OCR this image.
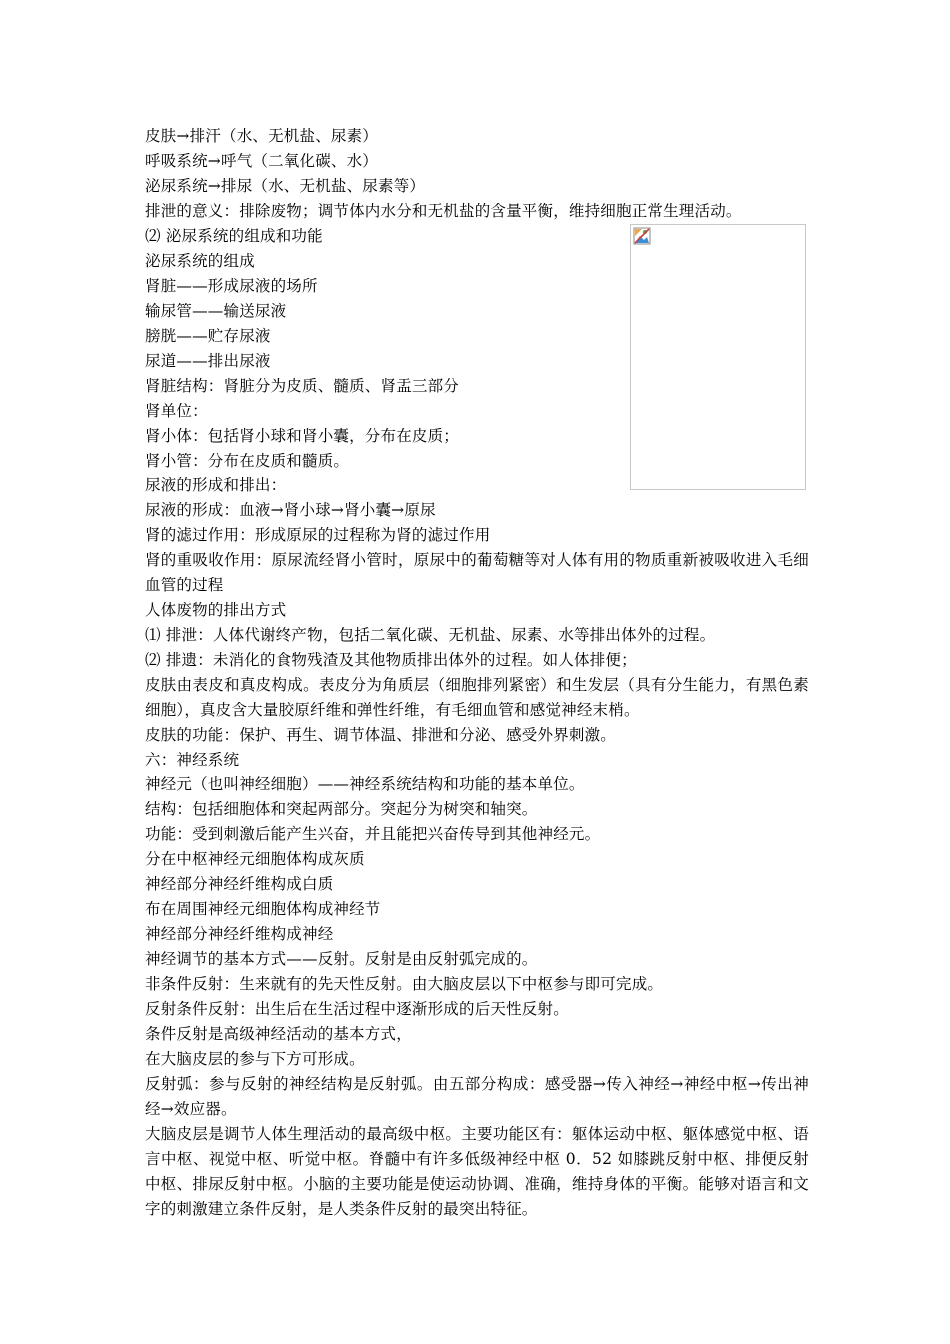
皮肤→排汗（水、无机盐、尿素）
呼吸系统→呼气（二氧化碳、水）
泌尿系统→排尿（水、无机盐、尿素等）
排泄的意义：排除废物；调节体内水分和无机盐的含量平衡，维持细胞正常生理活动。
⑵ 泌尿系统的组成和功能
泌尿系统的组成
肾脏——形成尿液的场所
输尿管——输送尿液
膀胱——贮存尿液
尿道——排出尿液
肾脏结构：肾脏分为皮质、髓质、肾盂三部分
肾单位：
肾小体：包括肾小球和肾小囊，分布在皮质；
肾小管：分布在皮质和髓质。
尿液的形成和排出：
尿液的形成：血液→肾小球→肾小囊→原尿
肾的滤过作用：形成原尿的过程称为肾的滤过作用
肾的重吸收作用：原尿流经肾小管时，原尿中的葡萄糖等对人体有用的物质重新被吸收进入毛细血管的过程
人体废物的排出方式
⑴ 排泄：人体代谢终产物，包括二氧化碳、无机盐、尿素、水等排出体外的过程。
⑵ 排遗：未消化的食物残渣及其他物质排出体外的过程。如人体排便；
皮肤由表皮和真皮构成。表皮分为角质层（细胞排列紧密）和生发层（具有分生能力，有黑色素细胞），真皮含大量胶原纤维和弹性纤维，有毛细血管和感觉神经末梢。
皮肤的功能：保护、再生、调节体温、排泄和分泌、感受外界刺激。
六：神经系统
神经元（也叫神经细胞）——神经系统结构和功能的基本单位。
结构：包括细胞体和突起两部分。突起分为树突和轴突。
功能：受到刺激后能产生兴奋，并且能把兴奋传导到其他神经元。
分在中枢神经元细胞体构成灰质
神经部分神经纤维构成白质
布在周围神经元细胞体构成神经节
神经部分神经纤维构成神经
神经调节的基本方式——反射。反射是由反射弧完成的。
非条件反射：生来就有的先天性反射。由大脑皮层以下中枢参与即可完成。
反射条件反射：出生后在生活过程中逐渐形成的后天性反射。
条件反射是高级神经活动的基本方式，
在大脑皮层的参与下方可形成。
反射弧：参与反射的神经结构是反射弧。由五部分构成：感受器→传入神经→神经中枢→传出神经→效应器。
大脑皮层是调节人体生理活动的最高级中枢。主要功能区有：躯体运动中枢、躯体感觉中枢、语言中枢、视觉中枢、听觉中枢。脊髓中有许多低级神经中枢 0．52 如膝跳反射中枢、排便反射中枢、排尿反射中枢。小脑的主要功能是使运动协调、准确，维持身体的平衡。能够对语言和文字的刺激建立条件反射，是人类条件反射的最突出特征。
